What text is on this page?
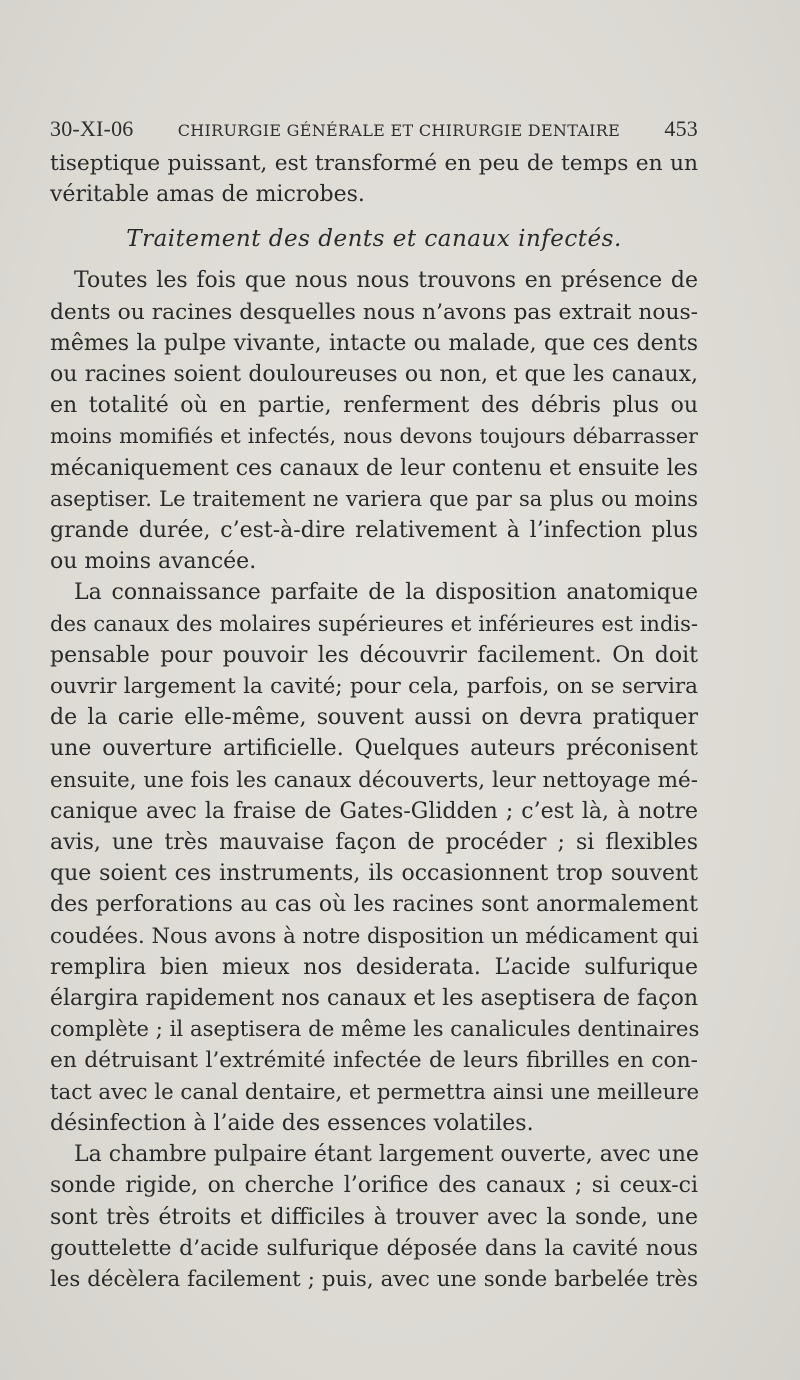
30-XI-06	CHIRURGIE GÉNÉRALE ET CHIRURGIE DENTAIRE 453

tiseptique puissant, est transformé en peu de temps en un
véritable amas de microbes.

Traitement des dents et canaux infectés.

Toutes les fois que nous nous trouvons en présence de
dents ou racines desquelles nous n’avons pas extrait nous-
mêmes la pulpe vivante, intacte ou malade, que ces dents
ou racines soient douloureuses ou non, et que les canaux,
en totalité où en partie, renferment des débris plus ou
moins momifiés et infectés, nous devons toujours débarrasser
mécaniquement ces canaux de leur contenu et ensuite les
aseptiser. Le traitement ne variera que par sa plus ou moins
grande durée, c’est-à-dire relativement à l’infection plus
ou moins avancée.

La connaissance parfaite de la disposition anatomique
des canaux des molaires supérieures et inférieures est indis-
pensable pour pouvoir les découvrir facilement. On doit
ouvrir largement la cavité; pour cela, parfois, on se servira
de la carie elle-même, souvent aussi on devra pratiquer
une ouverture artificielle. Quelques auteurs préconisent
ensuite, une fois les canaux découverts, leur nettoyage mé-
canique avec la fraise de Gates-Glidden ; c’est là, à notre
avis, une très mauvaise façon de procéder ; si flexibles
que soient ces instruments, ils occasionnent trop souvent
des perforations au cas où les racines sont anormalement
coudées. Nous avons à notre disposition un médicament qui
remplira bien mieux nos desiderata. L’acide sulfurique
élargira rapidement nos canaux et les aseptisera de façon
complète ; il aseptisera de même les canalicules dentinaires
en détruisant l’extrémité infectée de leurs fibrilles en con-
tact avec le canal dentaire, et permettra ainsi une meilleure
désinfection à l’aide des essences volatiles.

La chambre pulpaire étant largement ouverte, avec une
sonde rigide, on cherche l’orifice des canaux ; si ceux-ci
sont très étroits et difficiles à trouver avec la sonde, une
gouttelette d’acide sulfurique déposée dans la cavité nous
les décèlera facilement ; puis, avec une sonde barbelée très
